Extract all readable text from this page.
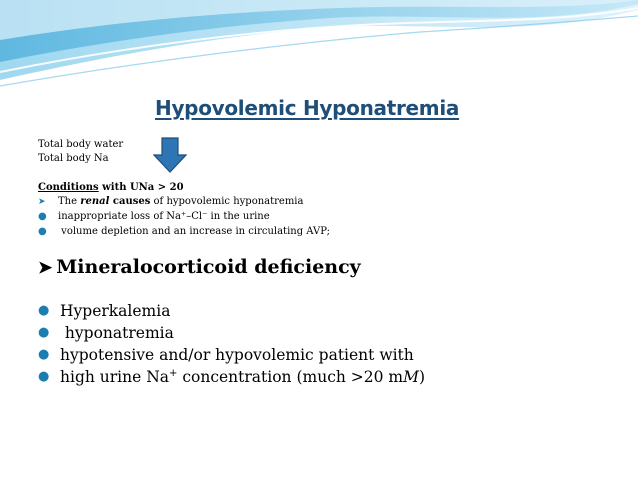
Hypovolemic Hyponatremia
Total body water
Total body Na
Conditions with UNa > 20
➤ The renal causes of hypovolemic hyponatremia
● inappropriate loss of Na⁺–Cl⁻ in the urine
● volume depletion and an increase in circulating AVP;
➤ Mineralocorticoid deficiency
● Hyperkalemia
● hyponatremia
● hypotensive and/or hypovolemic patient with
● high urine Na+ concentration (much >20 mM)
